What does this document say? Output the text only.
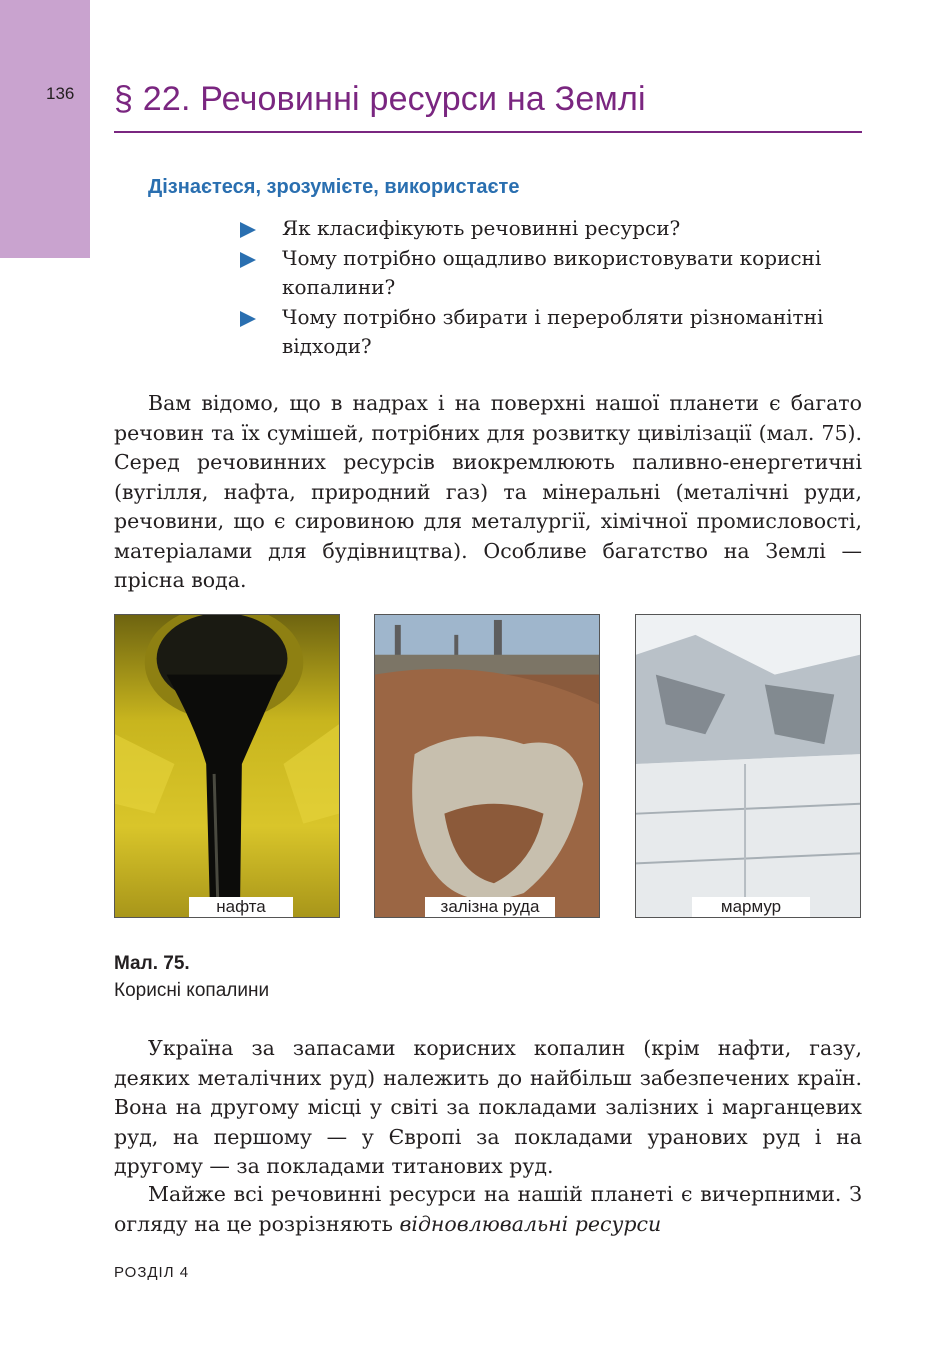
136 § 22. Речовинні ресурси на Землі
Дізнаєтеся, зрозумієте, використаєте
Як класифікують речовинні ресурси?
Чому потрібно ощадливо використовувати корисні копалини?
Чому потрібно збирати і переробляти різноманітні відходи?

Вам відомо, що в надрах і на поверхні нашої планети є багато речовин та їх сумішей, потрібних для розвитку цивілізації (мал. 75). Серед речовинних ресурсів виокремлюють паливно-енергетичні (вугілля, нафта, природний газ) та мінеральні (металічні руди, речовини, що є сировиною для металургії, хімічної промисловості, матеріалами для будівництва). Особливе багатство на Землі — прісна вода.

нафта	залізна руда	мармур
Мал. 75.
Корисні копалини

Україна за запасами корисних копалин (крім нафти, газу, деяких металічних руд) належить до найбільш забезпечених країн. Вона на другому місці у світі за покладами залізних і марганцевих руд, на першому — у Європі за покладами уранових руд і на другому — за покладами титанових руд.

Майже всі речовинні ресурси на нашій планеті є вичерпними. З огляду на це розрізняють відновлювальні ресурси

РОЗДІЛ 4
